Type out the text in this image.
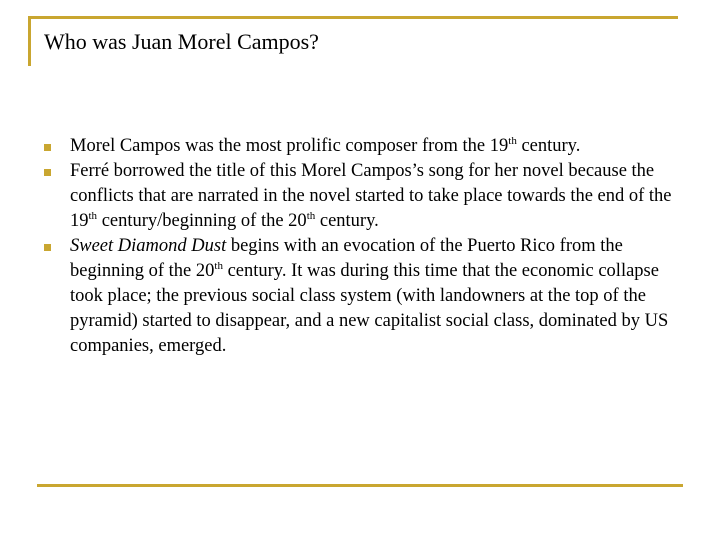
Who was Juan Morel Campos?
Morel Campos was the most prolific composer from the 19th century.
Ferré borrowed the title of this Morel Campos’s song for her novel because the conflicts that are narrated in the novel started to take place towards the end of the 19th century/beginning of the 20th century.
Sweet Diamond Dust begins with an evocation of the Puerto Rico from the beginning of the 20th century. It was during this time that the economic collapse took place; the previous social class system (with landowners at the top of the pyramid) started to disappear, and a new capitalist social class, dominated by US companies, emerged.
